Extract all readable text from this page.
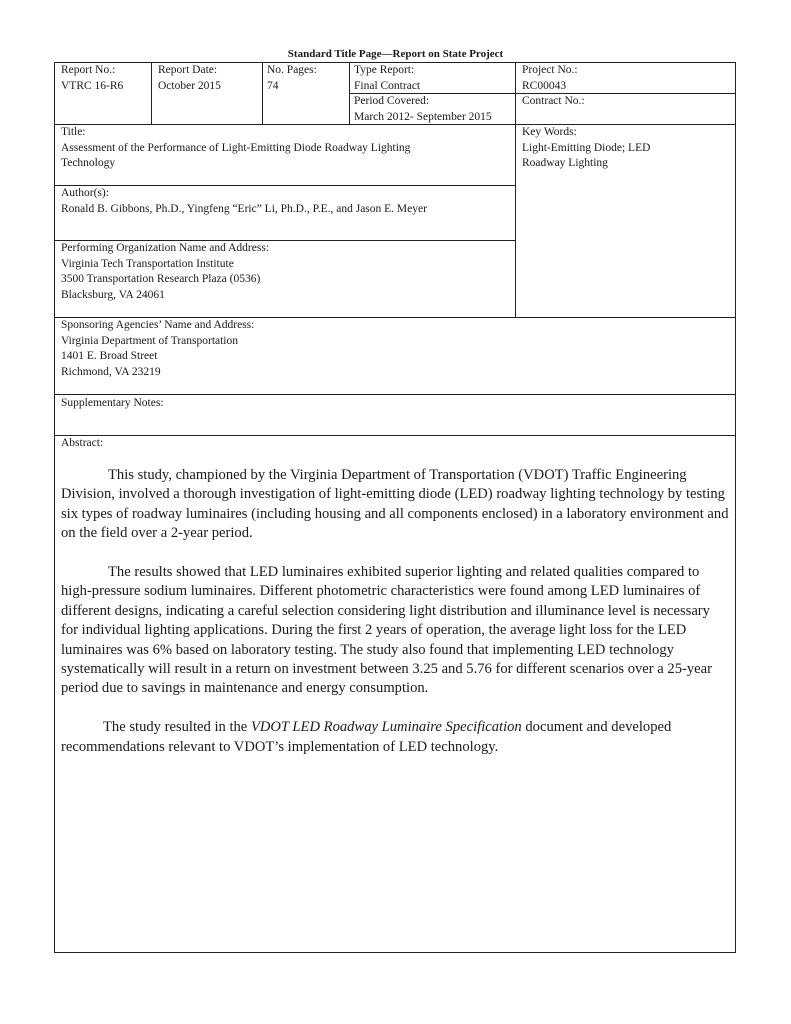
Standard Title Page—Report on State Project
Report No.:
VTRC 16-R6
Report Date:
October 2015
No. Pages:
74
Type Report:
Final Contract
Period Covered:
March 2012- September 2015
Project No.:
RC00043
Contract No.:
Title:
Assessment of the Performance of Light-Emitting Diode Roadway Lighting
Technology
Key Words:
Light-Emitting Diode; LED
Roadway Lighting
Author(s):
Ronald B. Gibbons, Ph.D., Yingfeng “Eric” Li, Ph.D., P.E., and Jason E. Meyer
Performing Organization Name and Address:
Virginia Tech Transportation Institute
3500 Transportation Research Plaza (0536)
Blacksburg, VA 24061
Sponsoring Agencies’ Name and Address:
Virginia Department of Transportation
1401 E. Broad Street
Richmond, VA 23219
Supplementary Notes:
Abstract:

This study, championed by the Virginia Department of Transportation (VDOT) Traffic Engineering Division, involved a thorough investigation of light-emitting diode (LED) roadway lighting technology by testing six types of roadway luminaires (including housing and all components enclosed) in a laboratory environment and on the field over a 2-year period.

The results showed that LED luminaires exhibited superior lighting and related qualities compared to high-pressure sodium luminaires. Different photometric characteristics were found among LED luminaires of different designs, indicating a careful selection considering light distribution and illuminance level is necessary for individual lighting applications. During the first 2 years of operation, the average light loss for the LED luminaires was 6% based on laboratory testing. The study also found that implementing LED technology systematically will result in a return on investment between 3.25 and 5.76 for different scenarios over a 25-year period due to savings in maintenance and energy consumption.

The study resulted in the VDOT LED Roadway Luminaire Specification document and developed recommendations relevant to VDOT’s implementation of LED technology.
